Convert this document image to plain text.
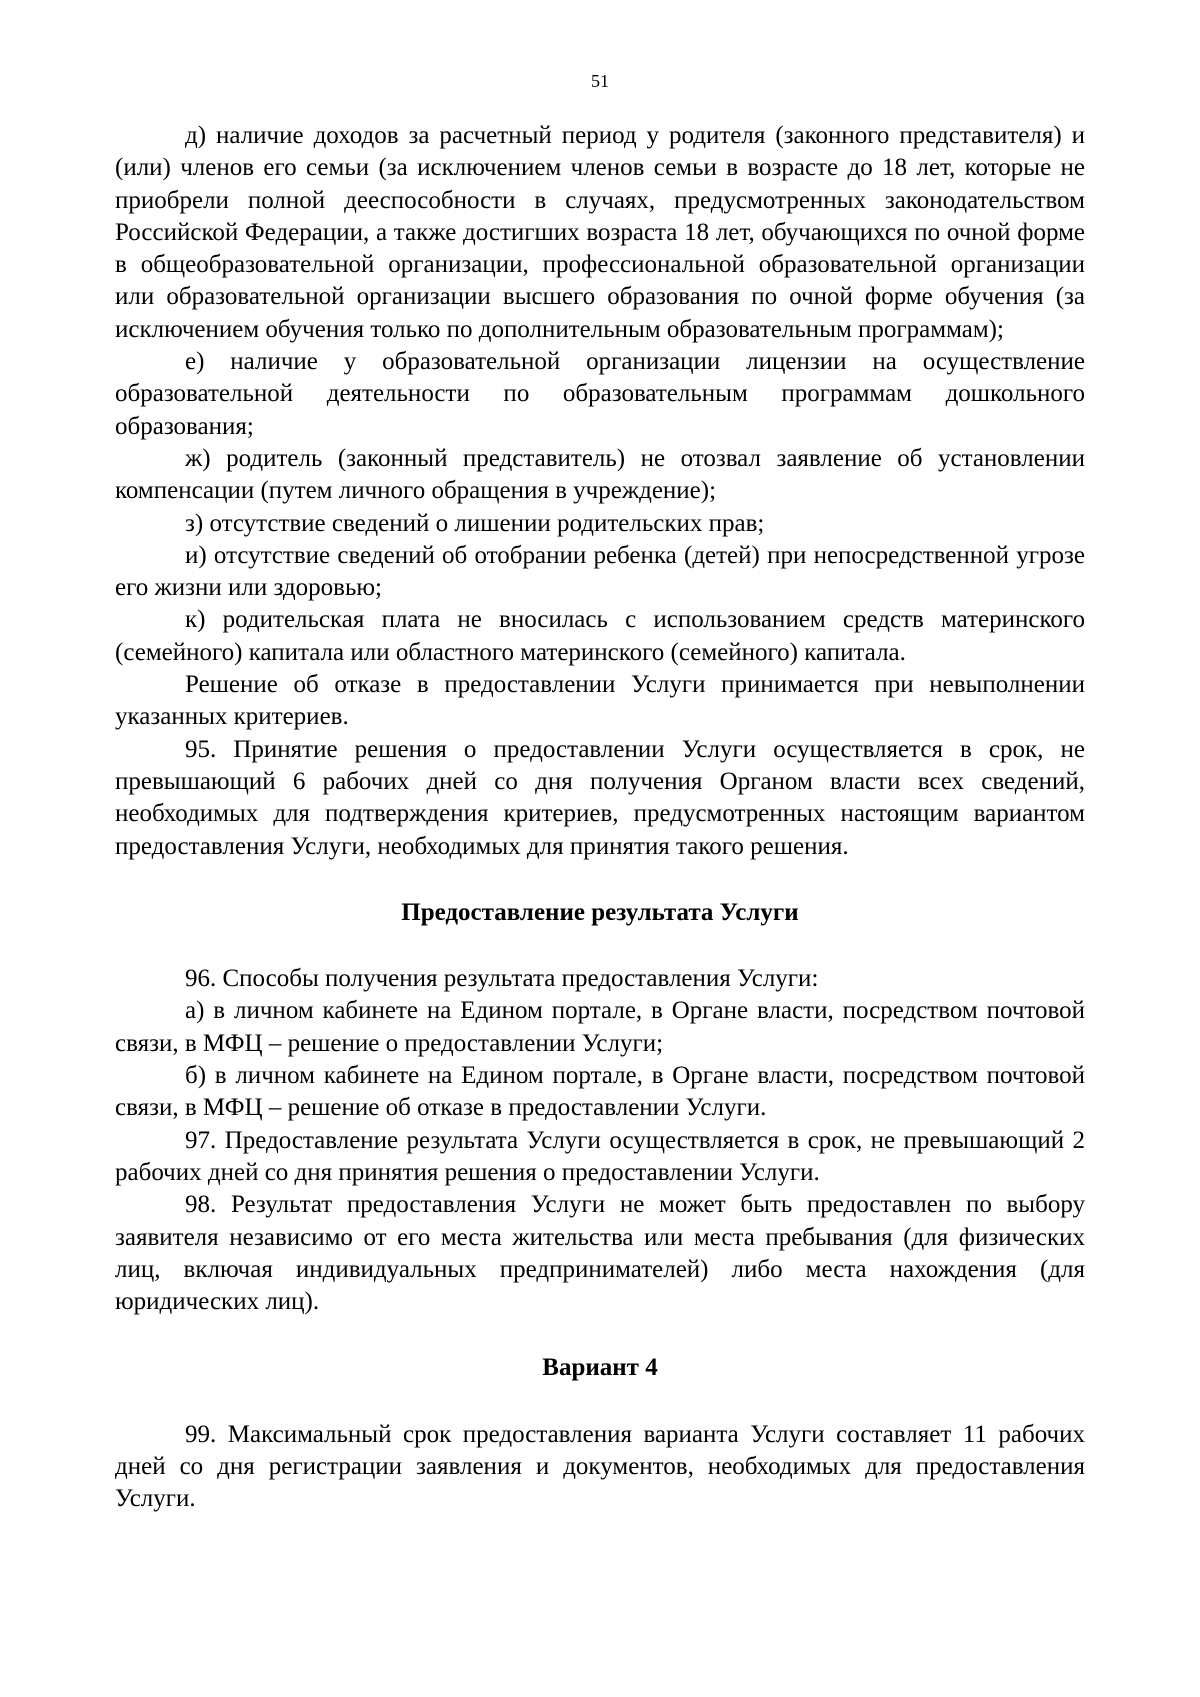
51

д) наличие доходов за расчетный период у родителя (законного представителя) и (или) членов его семьи (за исключением членов семьи в возрасте до 18 лет, которые не приобрели полной дееспособности в случаях, предусмотренных законодательством Российской Федерации, а также достигших возраста 18 лет, обучающихся по очной форме в общеобразовательной организации, профессиональной образовательной организации или образовательной организации высшего образования по очной форме обучения (за исключением обучения только по дополнительным образовательным программам);

е) наличие у образовательной организации лицензии на осуществление образовательной деятельности по образовательным программам дошкольного образования;

ж) родитель (законный представитель) не отозвал заявление об установлении компенсации (путем личного обращения в учреждение);

з) отсутствие сведений о лишении родительских прав;

и) отсутствие сведений об отобрании ребенка (детей) при непосредственной угрозе его жизни или здоровью;

к) родительская плата не вносилась с использованием средств материнского (семейного) капитала или областного материнского (семейного) капитала.

Решение об отказе в предоставлении Услуги принимается при невыполнении указанных критериев.

95. Принятие решения о предоставлении Услуги осуществляется в срок, не превышающий 6 рабочих дней со дня получения Органом власти всех сведений, необходимых для подтверждения критериев, предусмотренных настоящим вариантом предоставления Услуги, необходимых для принятия такого решения.

Предоставление результата Услуги

96. Способы получения результата предоставления Услуги:

а) в личном кабинете на Едином портале, в Органе власти, посредством почтовой связи, в МФЦ – решение о предоставлении Услуги;

б) в личном кабинете на Едином портале, в Органе власти, посредством почтовой связи, в МФЦ – решение об отказе в предоставлении Услуги.

97. Предоставление результата Услуги осуществляется в срок, не превышающий 2 рабочих дней со дня принятия решения о предоставлении Услуги.

98. Результат предоставления Услуги не может быть предоставлен по выбору заявителя независимо от его места жительства или места пребывания (для физических лиц, включая индивидуальных предпринимателей) либо места нахождения (для юридических лиц).

Вариант 4

99. Максимальный срок предоставления варианта Услуги составляет 11 рабочих дней со дня регистрации заявления и документов, необходимых для предоставления Услуги.
